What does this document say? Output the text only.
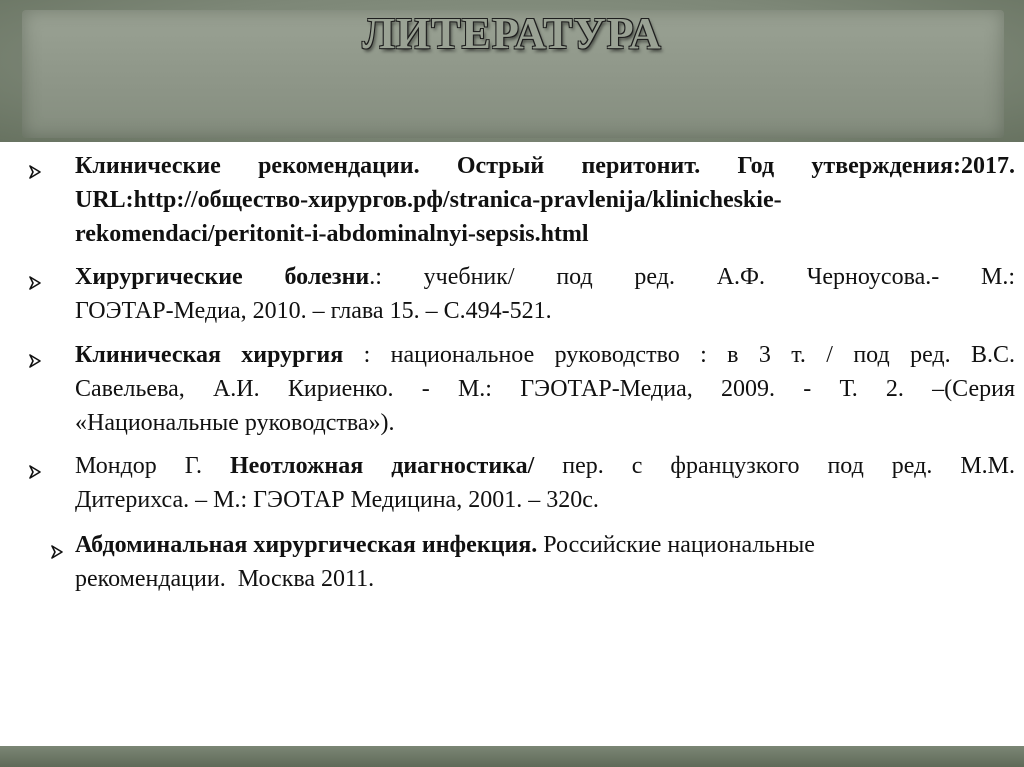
ЛИТЕРАТУРА
Клинические рекомендации. Острый перитонит. Год утверждения:2017.
URL:http://общество-хирургов.рф/stranica-pravlenija/klinicheskie-
rekomendaci/peritonit-i-abdominalnyi-sepsis.html
Хирургические болезни.: учебник/ под ред. А.Ф. Черноусова.- М.:
ГОЭТАР-Медиа, 2010. – глава 15. – С.494-521.
Клиническая хирургия : национальное руководство : в 3 т. / под ред. В.С.
Савельева, А.И. Кириенко. - М.: ГЭОТАР-Медиа, 2009. - Т. 2. –(Серия
«Национальные руководства»).
Мондор Г. Неотложная диагностика/ пер. с французкого под ред. М.М.
Дитерихса. – М.: ГЭОТАР Медицина, 2001. – 320с.
Абдоминальная хирургическая инфекция. Российские национальные
рекомендации.  Москва 2011.
